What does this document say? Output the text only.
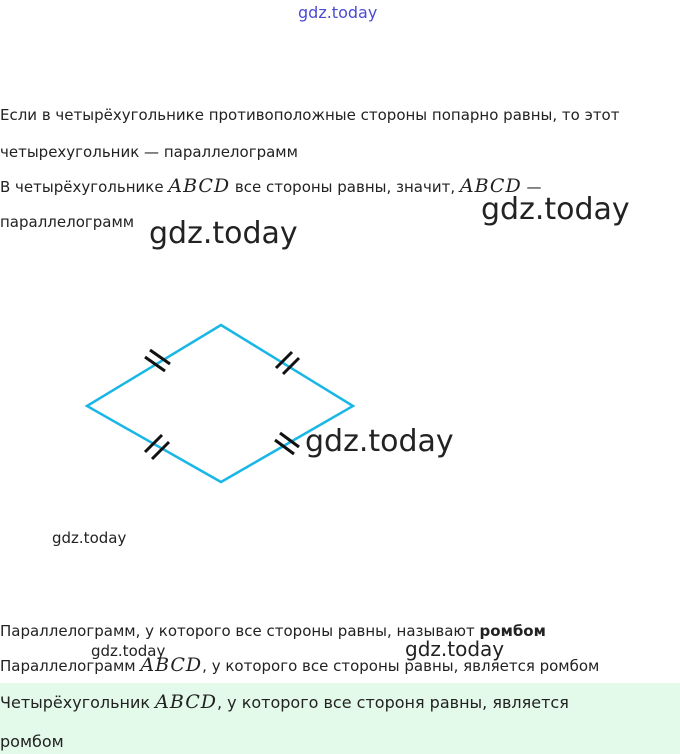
gdz.today
Если в четырёхугольнике противоположные стороны попарно равны, то этот
четырехугольник — параллелограмм
В четырёхугольнике ABCD все стороны равны, значит, ABCD —
параллелограмм	gdz.today
gdz.today
gdz.today
gdz.today
Параллелограмм, у которого все стороны равны, называют ромбом
Параллелограмм ABCD, у которого все стороны равны, является ромбом
gdz.today	gdz.today
Четырёхугольник ABCD, у которого все стороня равны, является
ромбом
